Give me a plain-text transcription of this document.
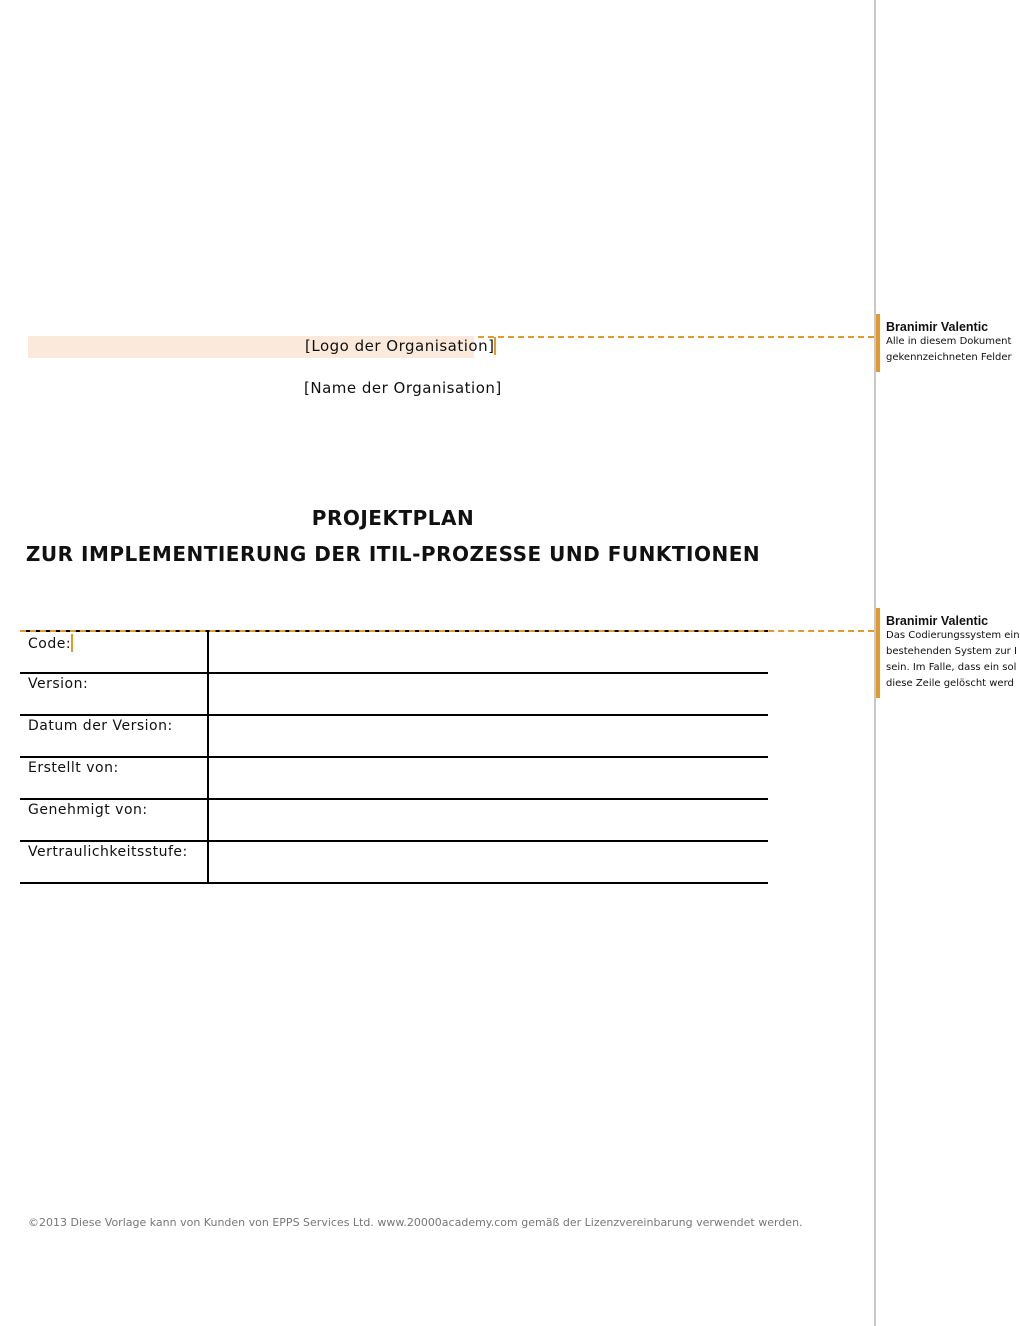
[Logo der Organisation]
[Name der Organisation]
PROJEKTPLAN
ZUR IMPLEMENTIERUNG DER ITIL-PROZESSE UND FUNKTIONEN
Code:	
Version:	
Datum der Version:	
Erstellt von:	
Genehmigt von:	
Vertraulichkeitsstufe:	
©2013 Diese Vorlage kann von Kunden von EPPS Services Ltd. www.20000academy.com gemäß der Lizenzvereinbarung verwendet werden.
Branimir Valentic
Alle in diesem Dokument
gekennzeichneten Felder
Branimir Valentic
Das Codierungssystem ein
bestehenden System zur I
sein. Im Falle, dass ein sol
diese Zeile gelöscht werd
